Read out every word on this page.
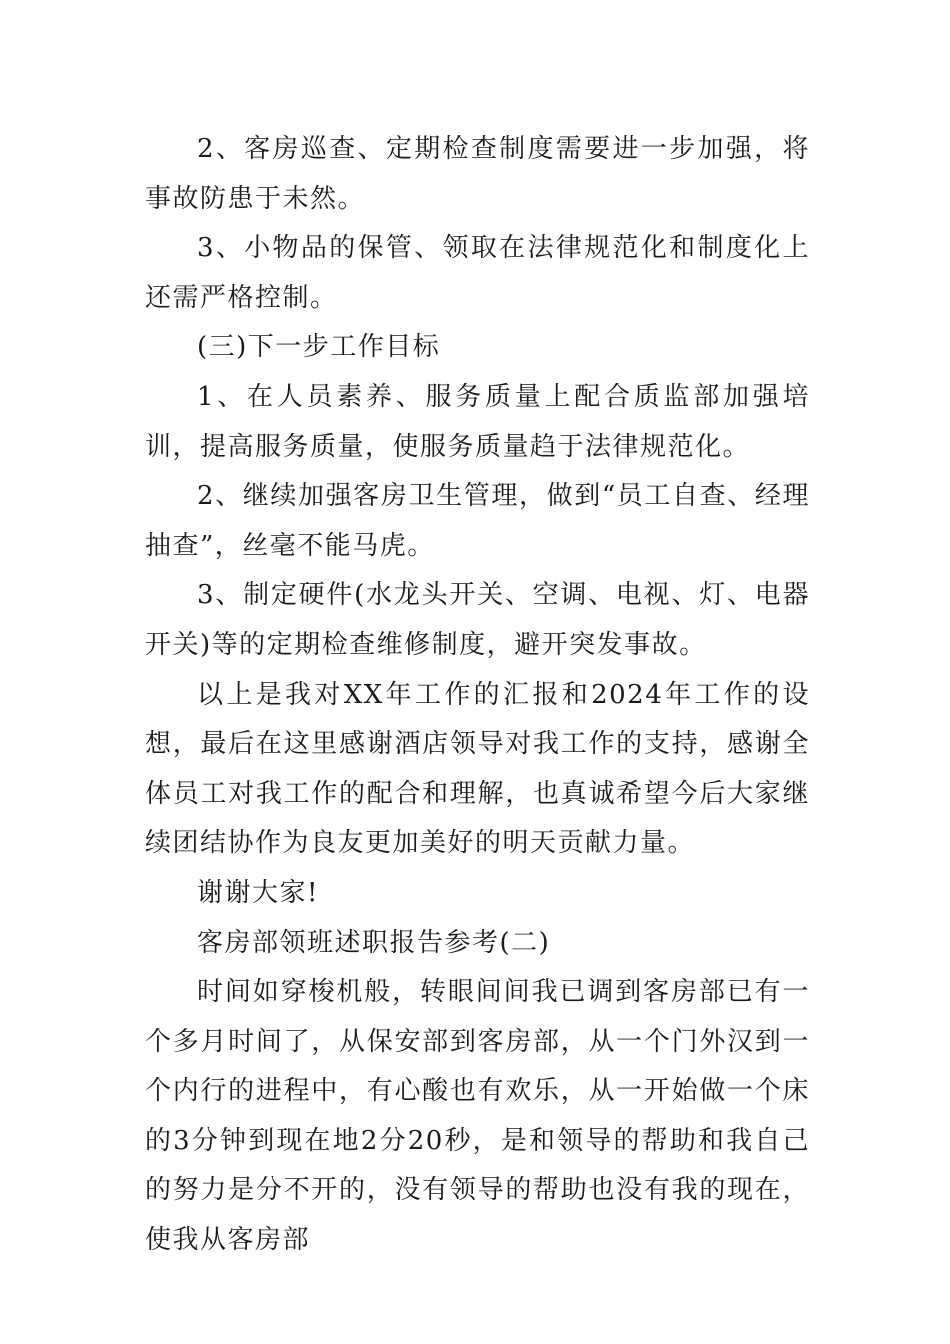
2、客房巡查、定期检查制度需要进一步加强，将事故防患于未然。

3、小物品的保管、领取在法律规范化和制度化上还需严格控制。

(三)下一步工作目标

1、在人员素养、服务质量上配合质监部加强培训，提高服务质量，使服务质量趋于法律规范化。

2、继续加强客房卫生管理，做到“员工自查、经理抽查”，丝毫不能马虎。

3、制定硬件(水龙头开关、空调、电视、灯、电器开关)等的定期检查维修制度，避开突发事故。

以上是我对XX年工作的汇报和2024年工作的设想，最后在这里感谢酒店领导对我工作的支持，感谢全体员工对我工作的配合和理解，也真诚希望今后大家继续团结协作为良友更加美好的明天贡献力量。

谢谢大家!

客房部领班述职报告参考(二)

时间如穿梭机般，转眼间间我已调到客房部已有一个多月时间了，从保安部到客房部，从一个门外汉到一个内行的进程中，有心酸也有欢乐，从一开始做一个床的3分钟到现在地2分20秒，是和领导的帮助和我自己的努力是分不开的，没有领导的帮助也没有我的现在，使我从客房部
